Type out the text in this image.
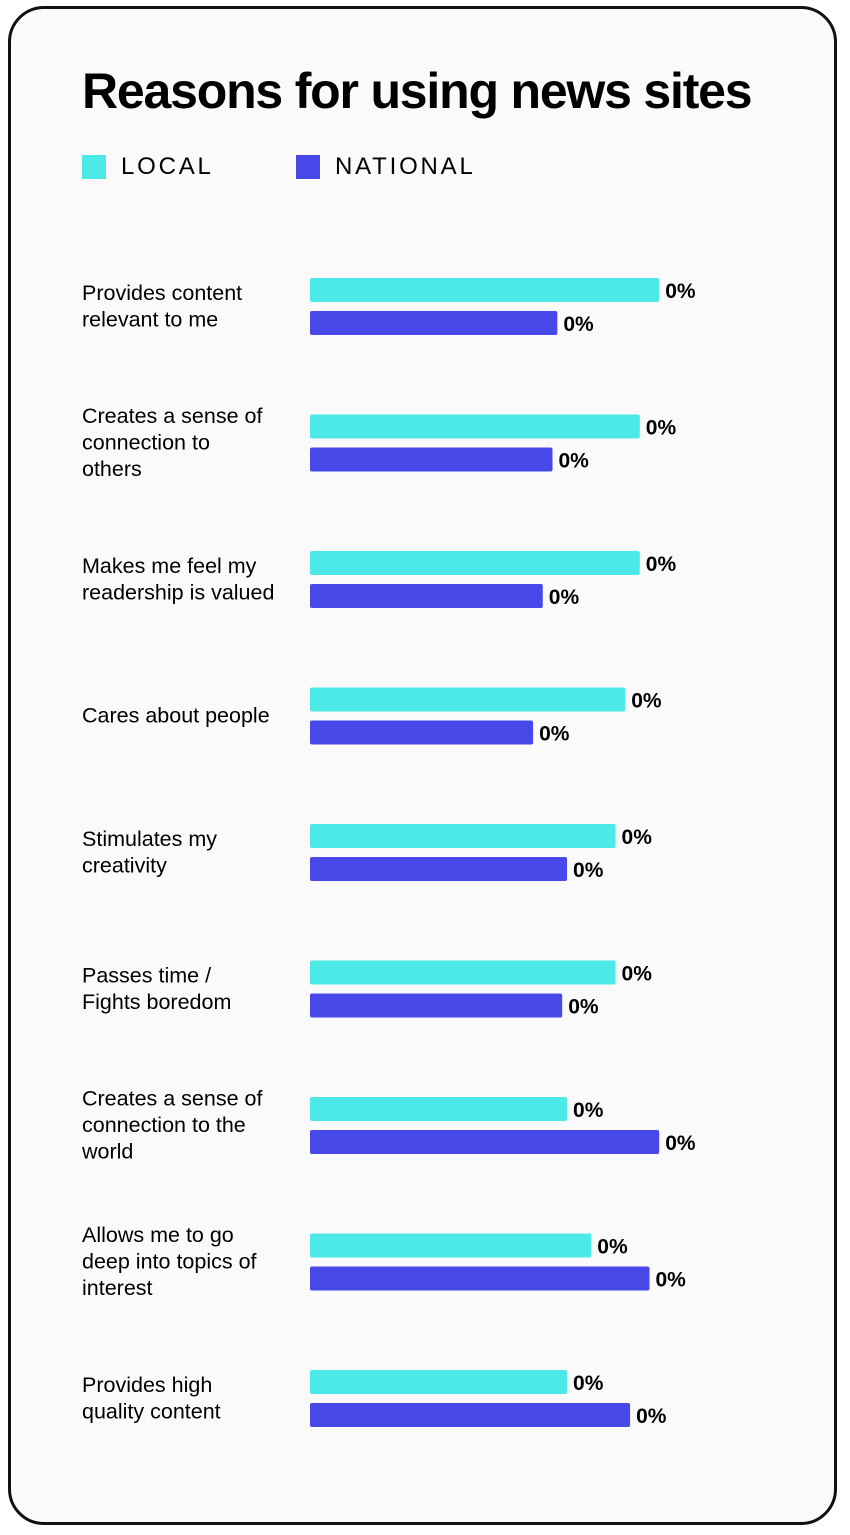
Reasons for using news sites
LOCAL	NATIONAL
Provides content relevant to me
0%
0%
Creates a sense of connection to others
0%
0%
Makes me feel my readership is valued
0%
0%
Cares about people
0%
0%
Stimulates my creativity
0%
0%
Passes time / Fights boredom
0%
0%
Creates a sense of connection to the world
0%
0%
Allows me to go deep into topics of interest
0%
0%
Provides high quality content
0%
0%
